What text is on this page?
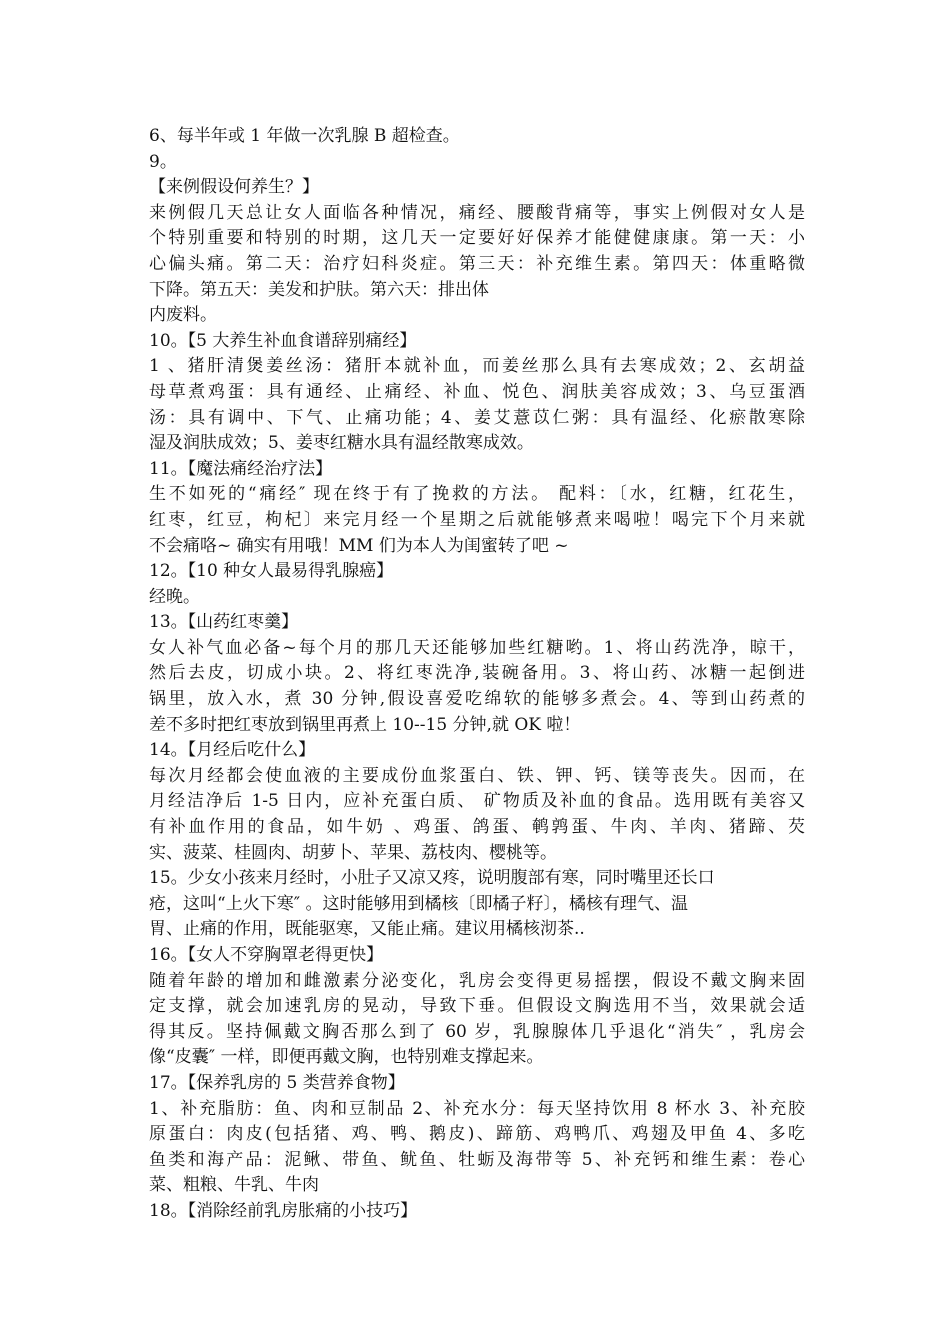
6、每半年或 1 年做一次乳腺 B 超检查。
9。
【来例假设何养生？】
来例假几天总让女人面临各种情况，痛经、腰酸背痛等，事实上例假对女人是
个特别重要和特别的时期，这几天一定要好好保养才能健健康康。第一天：小
心偏头痛。第二天：治疗妇科炎症。第三天：补充维生素。第四天：体重略微
下降。第五天：美发和护肤。第六天：排出体
内废料。
10。【5 大养生补血食谱辞别痛经】
1 、猪肝清煲姜丝汤：猪肝本就补血，而姜丝那么具有去寒成效；2、玄胡益
母草煮鸡蛋：具有通经、止痛经、补血、悦色、润肤美容成效；3、乌豆蛋酒
汤：具有调中、下气、止痛功能；4、姜艾薏苡仁粥：具有温经、化瘀散寒除
湿及润肤成效；5、姜枣红糖水具有温经散寒成效。
11。【魔法痛经治疗法】
生不如死的“痛经″ 现在终于有了挽救的方法。 配料：〔水，红糖，红花生，
红枣，红豆，枸杞〕来完月经一个星期之后就能够煮来喝啦！喝完下个月来就
不会痛咯~ 确实有用哦！MM 们为本人为闺蜜转了吧 ~
12。【10 种女人最易得乳腺癌】
经晚。
13。【山药红枣羹】
女人补气血必备~每个月的那几天还能够加些红糖哟。1、将山药洗净，晾干，
然后去皮，切成小块。2、将红枣洗净,装碗备用。3、将山药、冰糖一起倒进
锅里，放入水，煮 30 分钟,假设喜爱吃绵软的能够多煮会。4、等到山药煮的
差不多时把红枣放到锅里再煮上 10--15 分钟,就 OK 啦！
14。【月经后吃什么】
每次月经都会使血液的主要成份血浆蛋白、铁、钾、钙、镁等丧失。因而，在
月经洁净后 1-5 日内，应补充蛋白质、 矿物质及补血的食品。选用既有美容又
有补血作用的食品，如牛奶 、鸡蛋、鸽蛋、鹌鹑蛋、牛肉、羊肉、猪蹄、芡
实、菠菜、桂圆肉、胡萝卜、苹果、荔枝肉、樱桃等。
15。少女小孩来月经时，小肚子又凉又疼，说明腹部有寒，同时嘴里还长口
疮，这叫“上火下寒″ 。这时能够用到橘核〔即橘子籽〕，橘核有理气、温
胃、止痛的作用，既能驱寒，又能止痛。建议用橘核沏茶..
16。【女人不穿胸罩老得更快】
随着年龄的增加和雌激素分泌变化，乳房会变得更易摇摆，假设不戴文胸来固
定支撑，就会加速乳房的晃动，导致下垂。但假设文胸选用不当，效果就会适
得其反。坚持佩戴文胸否那么到了 60 岁，乳腺腺体几乎退化“消失″ ，乳房会
像“皮囊″ 一样，即便再戴文胸，也特别难支撑起来。
17。【保养乳房的 5 类营养食物】
1、补充脂肪：鱼、肉和豆制品 2、补充水分：每天坚持饮用 8 杯水 3、补充胶
原蛋白：肉皮(包括猪、鸡、鸭、鹅皮)、蹄筋、鸡鸭爪、鸡翅及甲鱼 4、多吃
鱼类和海产品：泥鳅、带鱼、鱿鱼、牡蛎及海带等 5、补充钙和维生素：卷心
菜、粗粮、牛乳、牛肉
18。【消除经前乳房胀痛的小技巧】
